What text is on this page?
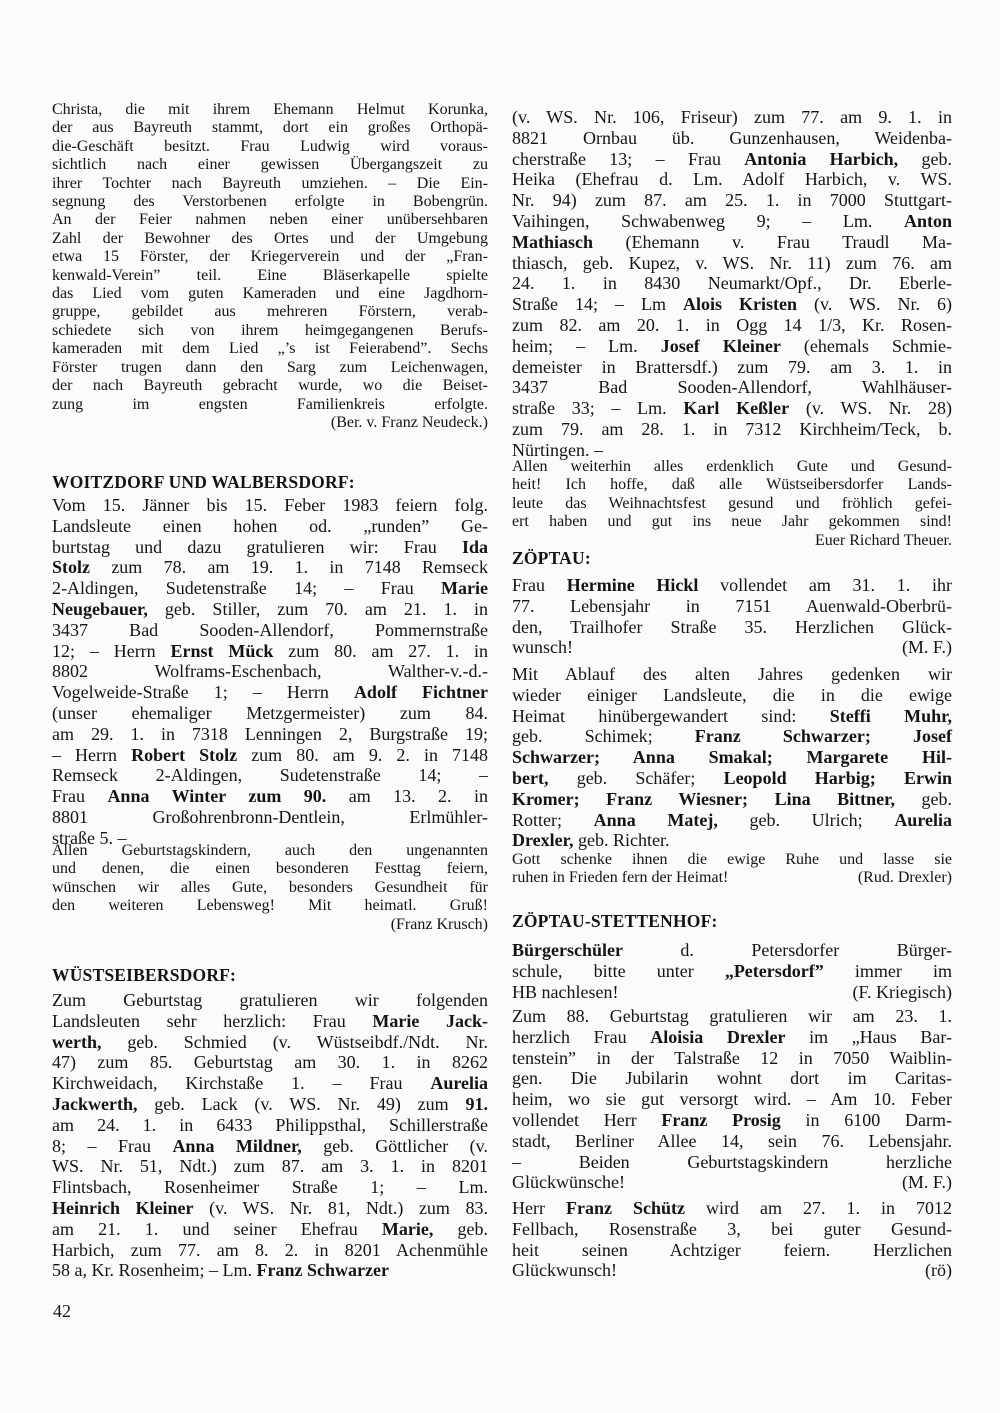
Christa, die mit ihrem Ehemann Helmut Korunka,
der aus Bayreuth stammt, dort ein großes Orthopä-
die-Geschäft besitzt. Frau Ludwig wird voraus-
sichtlich nach einer gewissen Übergangszeit zu
ihrer Tochter nach Bayreuth umziehen. – Die Ein-
segnung des Verstorbenen erfolgte in Bobengrün.
An der Feier nahmen neben einer unübersehbaren
Zahl der Bewohner des Ortes und der Umgebung
etwa 15 Förster, der Kriegerverein und der „Fran-
kenwald-Verein” teil. Eine Bläserkapelle spielte
das Lied vom guten Kameraden und eine Jagdhorn-
gruppe, gebildet aus mehreren Förstern, verab-
schiedete sich von ihrem heimgegangenen Berufs-
kameraden mit dem Lied „’s ist Feierabend”. Sechs
Förster trugen dann den Sarg zum Leichenwagen,
der nach Bayreuth gebracht wurde, wo die Beiset-
zung im engsten Familienkreis erfolgte.
(Ber. v. Franz Neudeck.)
WOITZDORF UND WALBERSDORF:
Vom 15. Jänner bis 15. Feber 1983 feiern folg.
Landsleute einen hohen od. „runden” Ge-
burtstag und dazu gratulieren wir: Frau Ida
Stolz zum 78. am 19. 1. in 7148 Remseck
2-Aldingen, Sudetenstraße 14; – Frau Marie
Neugebauer, geb. Stiller, zum 70. am 21. 1. in
3437 Bad Sooden-Allendorf, Pommernstraße
12; – Herrn Ernst Mück zum 80. am 27. 1. in
8802 Wolframs-Eschenbach, Walther-v.-d.-
Vogelweide-Straße 1; – Herrn Adolf Fichtner
(unser ehemaliger Metzgermeister) zum 84.
am 29. 1. in 7318 Lenningen 2, Burgstraße 19;
– Herrn Robert Stolz zum 80. am 9. 2. in 7148
Remseck 2-Aldingen, Sudetenstraße 14; –
Frau Anna Winter zum 90. am 13. 2. in
8801 Großohrenbronn-Dentlein, Erlmühler-
straße 5. –
Allen Geburtstagskindern, auch den ungenannten
und denen, die einen besonderen Festtag feiern,
wünschen wir alles Gute, besonders Gesundheit für
den weiteren Lebensweg! Mit heimatl. Gruß!
(Franz Krusch)
WÜSTSEIBERSDORF:
Zum Geburtstag gratulieren wir folgenden
Landsleuten sehr herzlich: Frau Marie Jack-
werth, geb. Schmied (v. Wüstseibdf./Ndt. Nr.
47) zum 85. Geburtstag am 30. 1. in 8262
Kirchweidach, Kirchstaße 1. – Frau Aurelia
Jackwerth, geb. Lack (v. WS. Nr. 49) zum 91.
am 24. 1. in 6433 Philippsthal, Schillerstraße
8; – Frau Anna Mildner, geb. Göttlicher (v.
WS. Nr. 51, Ndt.) zum 87. am 3. 1. in 8201
Flintsbach, Rosenheimer Straße 1; – Lm.
Heinrich Kleiner (v. WS. Nr. 81, Ndt.) zum 83.
am 21. 1. und seiner Ehefrau Marie, geb.
Harbich, zum 77. am 8. 2. in 8201 Achenmühle
58 a, Kr. Rosenheim; – Lm. Franz Schwarzer
(v. WS. Nr. 106, Friseur) zum 77. am 9. 1. in
8821 Ornbau üb. Gunzenhausen, Weidenba-
cherstraße 13; – Frau Antonia Harbich, geb.
Heika (Ehefrau d. Lm. Adolf Harbich, v. WS.
Nr. 94) zum 87. am 25. 1. in 7000 Stuttgart-
Vaihingen, Schwabenweg 9; – Lm. Anton
Mathiasch (Ehemann v. Frau Traudl Ma-
thiasch, geb. Kupez, v. WS. Nr. 11) zum 76. am
24. 1. in 8430 Neumarkt/Opf., Dr. Eberle-
Straße 14; – Lm Alois Kristen (v. WS. Nr. 6)
zum 82. am 20. 1. in Ogg 14 1/3, Kr. Rosen-
heim; – Lm. Josef Kleiner (ehemals Schmie-
demeister in Brattersdf.) zum 79. am 3. 1. in
3437 Bad Sooden-Allendorf, Wahlhäuser-
straße 33; – Lm. Karl Keßler (v. WS. Nr. 28)
zum 79. am 28. 1. in 7312 Kirchheim/Teck, b.
Nürtingen. –
Allen weiterhin alles erdenklich Gute und Gesund-
heit! Ich hoffe, daß alle Wüstseibersdorfer Lands-
leute das Weihnachtsfest gesund und fröhlich gefei-
ert haben und gut ins neue Jahr gekommen sind!
Euer Richard Theuer.
ZÖPTAU:
Frau Hermine Hickl vollendet am 31. 1. ihr
77. Lebensjahr in 7151 Auenwald-Oberbrü-
den, Trailhofer Straße 35. Herzlichen Glück-
wunsch!	(M. F.)
Mit Ablauf des alten Jahres gedenken wir
wieder einiger Landsleute, die in die ewige
Heimat hinübergewandert sind: Steffi Muhr,
geb. Schimek; Franz Schwarzer; Josef
Schwarzer; Anna Smakal; Margarete Hil-
bert, geb. Schäfer; Leopold Harbig; Erwin
Kromer; Franz Wiesner; Lina Bittner, geb.
Rotter; Anna Matej, geb. Ulrich; Aurelia
Drexler, geb. Richter.
Gott schenke ihnen die ewige Ruhe und lasse sie
ruhen in Frieden fern der Heimat!	(Rud. Drexler)
ZÖPTAU-STETTENHOF:
Bürgerschüler d. Petersdorfer Bürger-
schule, bitte unter „Petersdorf” immer im
HB nachlesen!	(F. Kriegisch)
Zum 88. Geburtstag gratulieren wir am 23. 1.
herzlich Frau Aloisia Drexler im „Haus Bar-
tenstein” in der Talstraße 12 in 7050 Waiblin-
gen. Die Jubilarin wohnt dort im Caritas-
heim, wo sie gut versorgt wird. – Am 10. Feber
vollendet Herr Franz Prosig in 6100 Darm-
stadt, Berliner Allee 14, sein 76. Lebensjahr.
– Beiden Geburtstagskindern herzliche
Glückwünsche!	(M. F.)
Herr Franz Schütz wird am 27. 1. in 7012
Fellbach, Rosenstraße 3, bei guter Gesund-
heit seinen Achtziger feiern. Herzlichen
Glückwunsch!	(rö)
42
